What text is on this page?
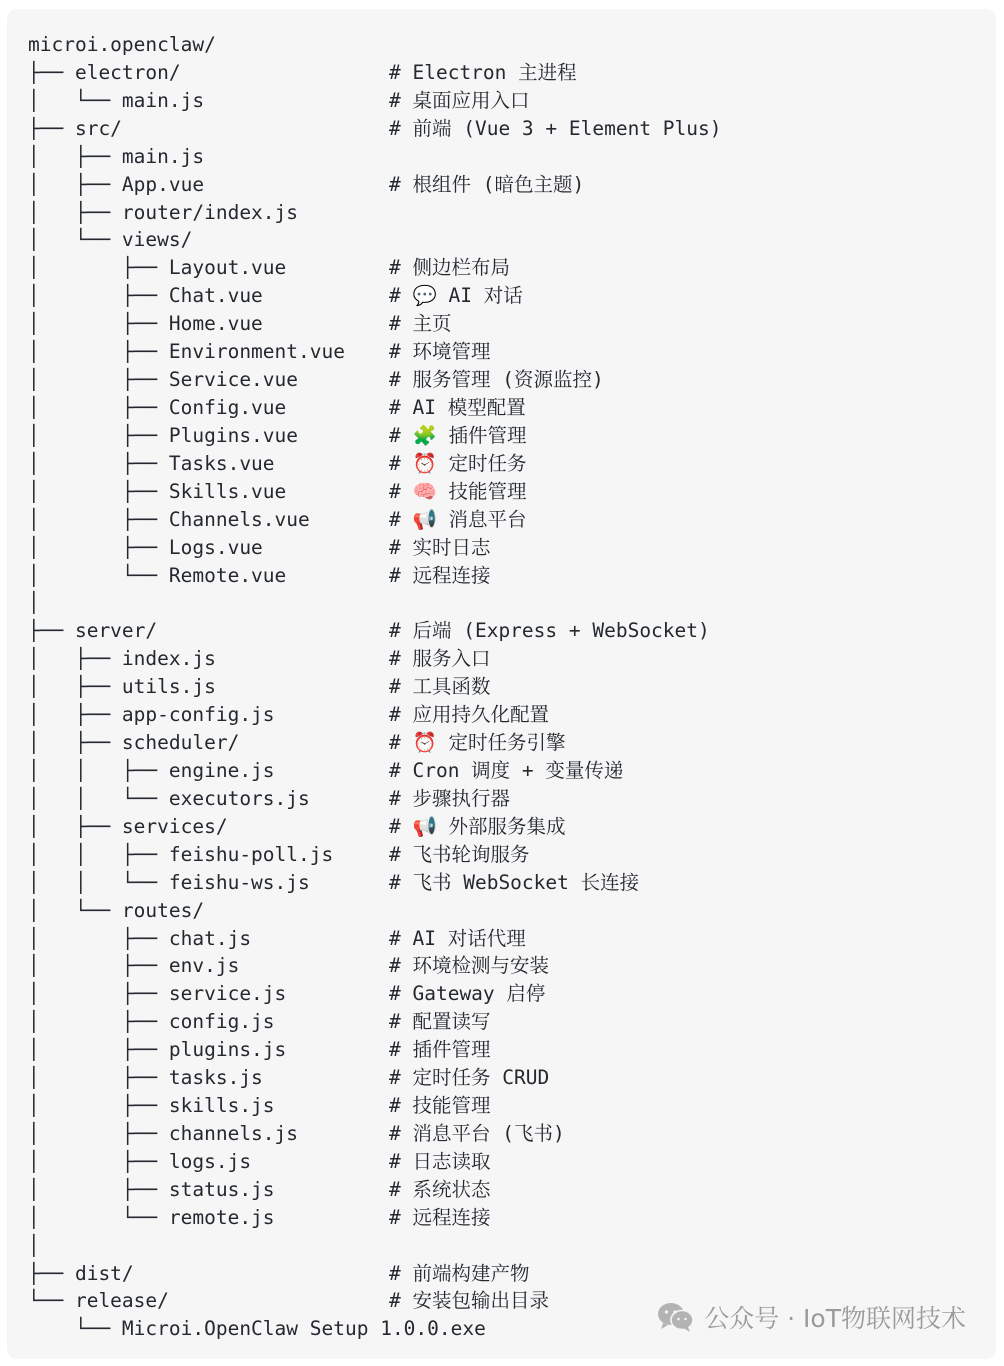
microi.openclaw/
├── electron/	# Electron 主进程
│   └── main.js	# 桌面应用入口
├── src/	# 前端 (Vue 3 + Element Plus)
│   ├── main.js
│   ├── App.vue	# 根组件 (暗色主题)
│   ├── router/index.js
│   └── views/
│       ├── Layout.vue	# 侧边栏布局
│       ├── Chat.vue	# 💬 AI 对话
│       ├── Home.vue	# 主页
│       ├── Environment.vue # 环境管理
│       ├── Service.vue	# 服务管理 (资源监控)
│       ├── Config.vue	# AI 模型配置
│       ├── Plugins.vue	# 🧩 插件管理
│       ├── Tasks.vue	# ⏰ 定时任务
│       ├── Skills.vue	# 🧠 技能管理
│       ├── Channels.vue	# 📢 消息平台
│       ├── Logs.vue	# 实时日志
│       └── Remote.vue	# 远程连接
│
├── server/	# 后端 (Express + WebSocket)
│   ├── index.js	# 服务入口
│   ├── utils.js	# 工具函数
│   ├── app-config.js	# 应用持久化配置
│   ├── scheduler/	# ⏰ 定时任务引擎
│   │   ├── engine.js	# Cron 调度 + 变量传递
│   │   └── executors.js	# 步骤执行器
│   ├── services/	# 📢 外部服务集成
│   │   ├── feishu-poll.js	# 飞书轮询服务
│   │   └── feishu-ws.js	# 飞书 WebSocket 长连接
│   └── routes/
│       ├── chat.js	# AI 对话代理
│       ├── env.js	# 环境检测与安装
│       ├── service.js	# Gateway 启停
│       ├── config.js	# 配置读写
│       ├── plugins.js	# 插件管理
│       ├── tasks.js	# 定时任务 CRUD
│       ├── skills.js	# 技能管理
│       ├── channels.js	# 消息平台 (飞书)
│       ├── logs.js	# 日志读取
│       ├── status.js	# 系统状态
│       └── remote.js	# 远程连接
│
├── dist/	# 前端构建产物
└── release/	# 安装包输出目录
└── Microi.OpenClaw Setup 1.0.0.exe	公众号 · IoT物联网技术
